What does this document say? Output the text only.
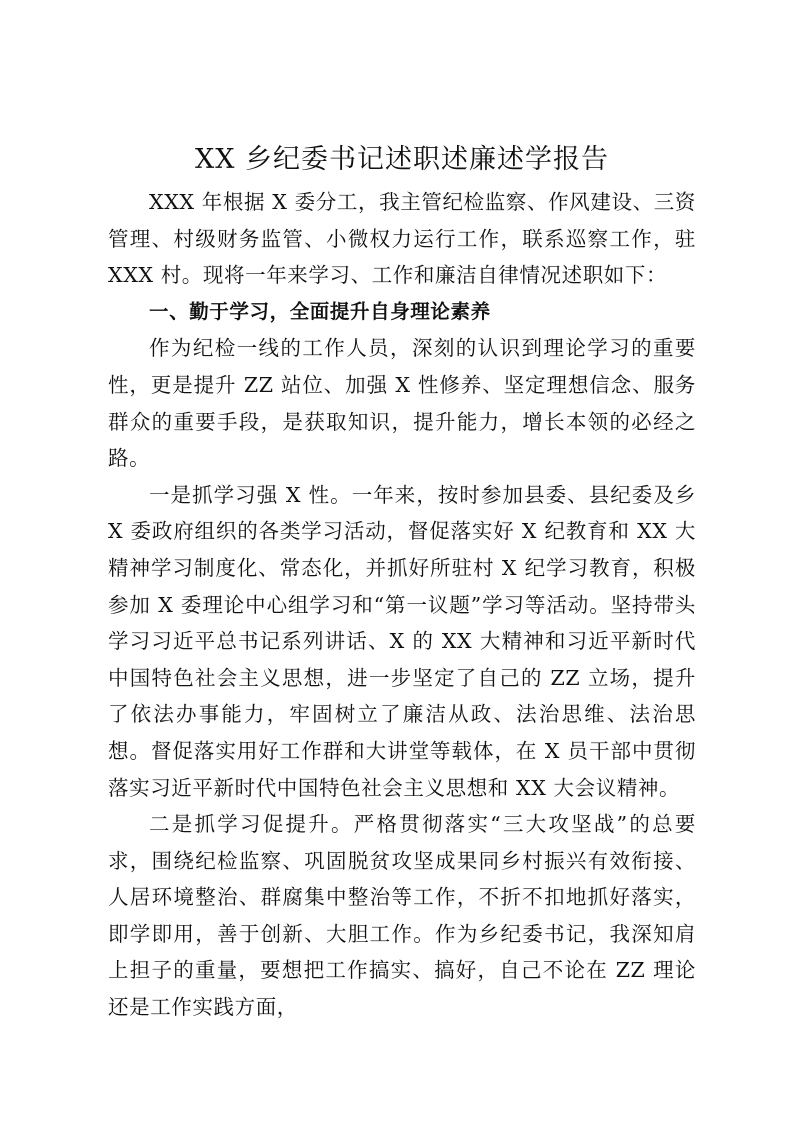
XX 乡纪委书记述职述廉述学报告

XXX 年根据 X 委分工，我主管纪检监察、作风建设、三资管理、村级财务监管、小微权力运行工作，联系巡察工作，驻 XXX 村。现将一年来学习、工作和廉洁自律情况述职如下：

一、勤于学习，全面提升自身理论素养

作为纪检一线的工作人员，深刻的认识到理论学习的重要性，更是提升 ZZ 站位、加强 X 性修养、坚定理想信念、服务群众的重要手段，是获取知识，提升能力，增长本领的必经之路。

一是抓学习强 X 性。一年来，按时参加县委、县纪委及乡 X 委政府组织的各类学习活动，督促落实好 X 纪教育和 XX 大精神学习制度化、常态化，并抓好所驻村 X 纪学习教育，积极参加 X 委理论中心组学习和“第一议题”学习等活动。坚持带头学习习近平总书记系列讲话、X 的 XX 大精神和习近平新时代中国特色社会主义思想，进一步坚定了自己的 ZZ 立场，提升了依法办事能力，牢固树立了廉洁从政、法治思维、法治思想。督促落实用好工作群和大讲堂等载体，在 X 员干部中贯彻落实习近平新时代中国特色社会主义思想和 XX 大会议精神。

二是抓学习促提升。严格贯彻落实“三大攻坚战”的总要求，围绕纪检监察、巩固脱贫攻坚成果同乡村振兴有效衔接、人居环境整治、群腐集中整治等工作，不折不扣地抓好落实，即学即用，善于创新、大胆工作。作为乡纪委书记，我深知肩上担子的重量，要想把工作搞实、搞好，自己不论在 ZZ 理论还是工作实践方面，
